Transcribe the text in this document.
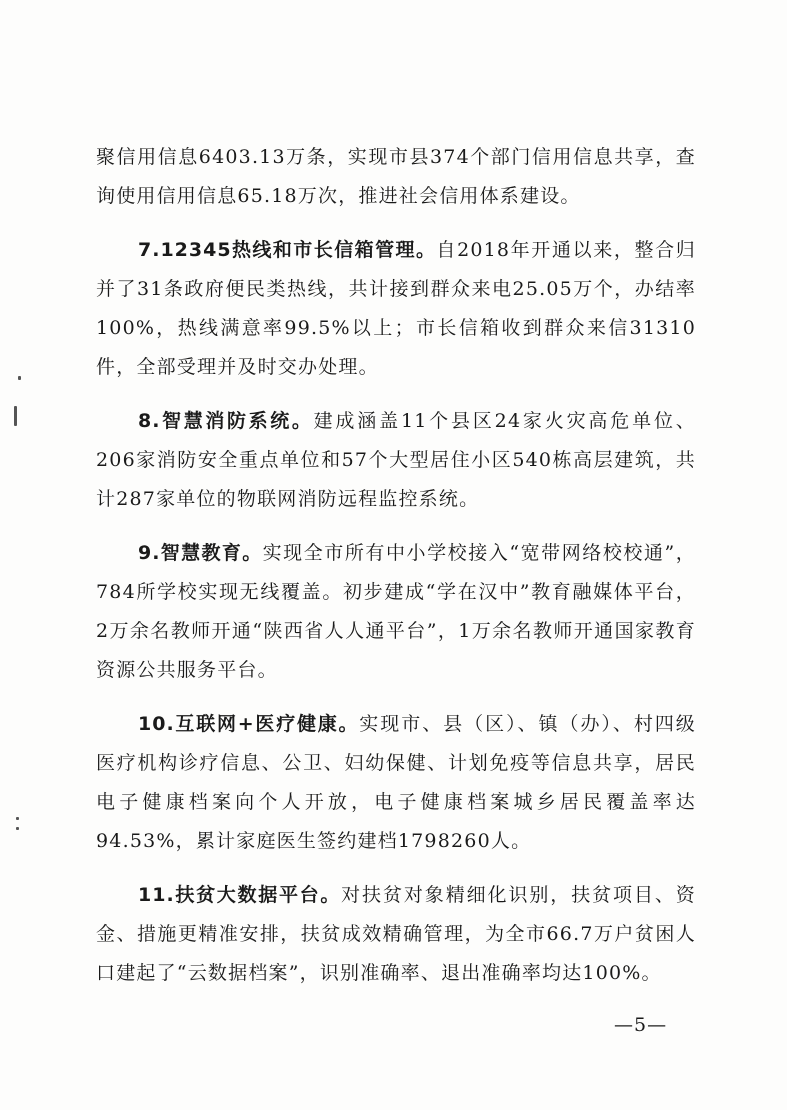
聚信用信息6403.13万条，实现市县374个部门信用信息共享，查询使用信用信息65.18万次，推进社会信用体系建设。

7.12345热线和市长信箱管理。自2018年开通以来，整合归并了31条政府便民类热线，共计接到群众来电25.05万个，办结率100%，热线满意率99.5%以上；市长信箱收到群众来信31310件，全部受理并及时交办处理。

8.智慧消防系统。建成涵盖11个县区24家火灾高危单位、206家消防安全重点单位和57个大型居住小区540栋高层建筑，共计287家单位的物联网消防远程监控系统。

9.智慧教育。实现全市所有中小学校接入“宽带网络校校通”，784所学校实现无线覆盖。初步建成“学在汉中”教育融媒体平台，2万余名教师开通“陕西省人人通平台”，1万余名教师开通国家教育资源公共服务平台。

10.互联网+医疗健康。实现市、县（区）、镇（办）、村四级医疗机构诊疗信息、公卫、妇幼保健、计划免疫等信息共享，居民电子健康档案向个人开放，电子健康档案城乡居民覆盖率达94.53%，累计家庭医生签约建档1798260人。

11.扶贫大数据平台。对扶贫对象精细化识别，扶贫项目、资金、措施更精准安排，扶贫成效精确管理，为全市66.7万户贫困人口建起了“云数据档案”，识别准确率、退出准确率均达100%。

—5—
